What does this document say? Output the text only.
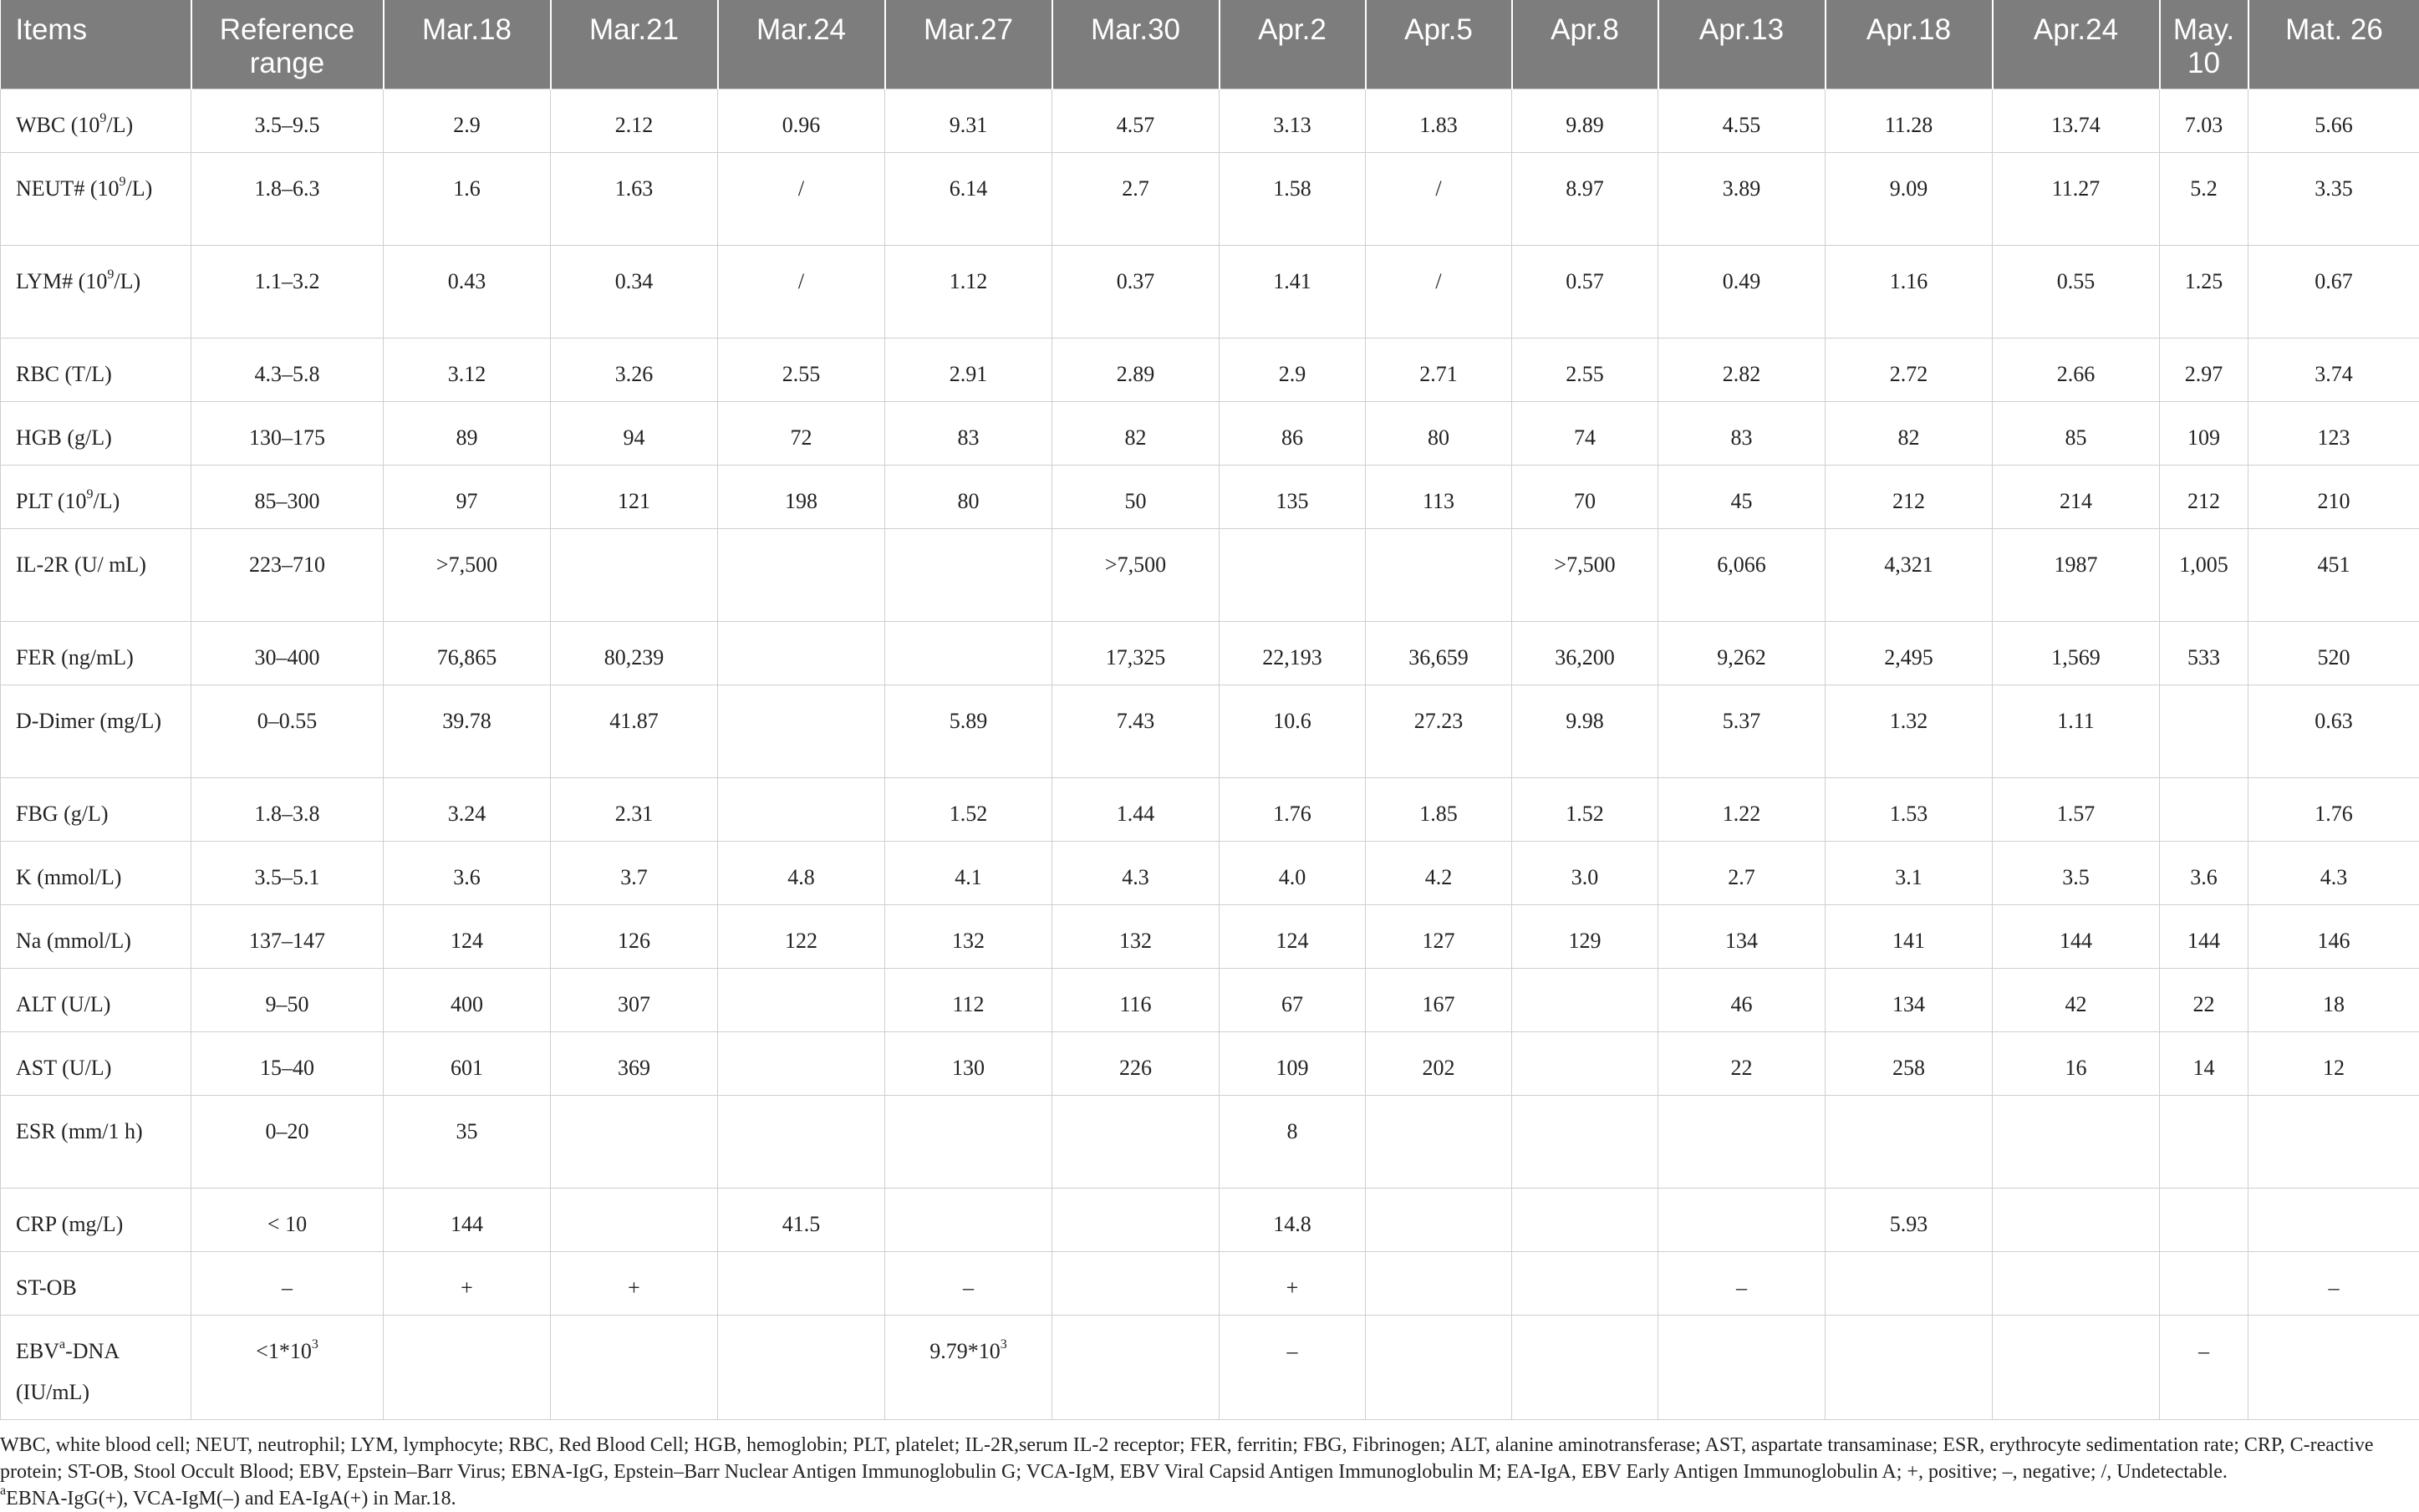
Items	Reference range	Mar.18	Mar.21	Mar.24	Mar.27	Mar.30	Apr.2	Apr.5	Apr.8	Apr.13	Apr.18	Apr.24	May. 10	Mat. 26
WBC $(10^9/L)$	3.5–9.5	2.9	2.12	0.96	9.31	4.57	3.13	1.83	9.89	4.55	11.28	13.74	7.03	5.66
NEUT# $(10^9/L)$	1.8–6.3	1.6	1.63	/	6.14	2.7	1.58	/	8.97	3.89	9.09	11.27	5.2	3.35
LYM# $(10^9/L)$	1.1–3.2	0.43	0.34	/	1.12	0.37	1.41	/	0.57	0.49	1.16	0.55	1.25	0.67
RBC (T/L)	4.3–5.8	3.12	3.26	2.55	2.91	2.89	2.9	2.71	2.55	2.82	2.72	2.66	2.97	3.74
HGB (g/L)	130–175	89	94	72	83	82	86	80	74	83	82	85	109	123
PLT $(10^9/L)$	85–300	97	121	198	80	50	135	113	70	45	212	214	212	210
IL-2R (U/ mL)	223–710	>7,500				>7,500			>7,500	6,066	4,321	1987	1,005	451
FER (ng/mL)	30–400	76,865	80,239			17,325	22,193	36,659	36,200	9,262	2,495	1,569	533	520
D-Dimer (mg/L)	0–0.55	39.78	41.87		5.89	7.43	10.6	27.23	9.98	5.37	1.32	1.11		0.63
FBG (g/L)	1.8–3.8	3.24	2.31		1.52	1.44	1.76	1.85	1.52	1.22	1.53	1.57		1.76
K (mmol/L)	3.5–5.1	3.6	3.7	4.8	4.1	4.3	4.0	4.2	3.0	2.7	3.1	3.5	3.6	4.3
Na (mmol/L)	137–147	124	126	122	132	132	124	127	129	134	141	144	144	146
ALT (U/L)	9–50	400	307		112	116	67	167		46	134	42	22	18
AST (U/L)	15–40	601	369		130	226	109	202		22	258	16	14	12
ESR (mm/1 h)	0–20	35					8							
CRP (mg/L)	< 10	144		41.5			14.8				5.93			
ST-OB	–	+	+		–		+			–				–
EBV$^a$-DNA (IU/mL)	$<1*10^3$				$9.79*10^3$		–						–	

WBC, white blood cell; NEUT, neutrophil; LYM, lymphocyte; RBC, Red Blood Cell; HGB, hemoglobin; PLT, platelet; IL-2R,serum IL-2 receptor; FER, ferritin; FBG, Fibrinogen; ALT, alanine aminotransferase; AST, aspartate transaminase; ESR, erythrocyte sedimentation rate; CRP, C-reactive protein; ST-OB, Stool Occult Blood; EBV, Epstein–Barr Virus; EBNA-IgG, Epstein–Barr Nuclear Antigen Immunoglobulin G; VCA-IgM, EBV Viral Capsid Antigen Immunoglobulin M; EA-IgA, EBV Early Antigen Immunoglobulin A; +, positive; –, negative; /, Undetectable.

$^a$EBNA-IgG(+), VCA-IgM(–) and EA-IgA(+) in Mar.18.
